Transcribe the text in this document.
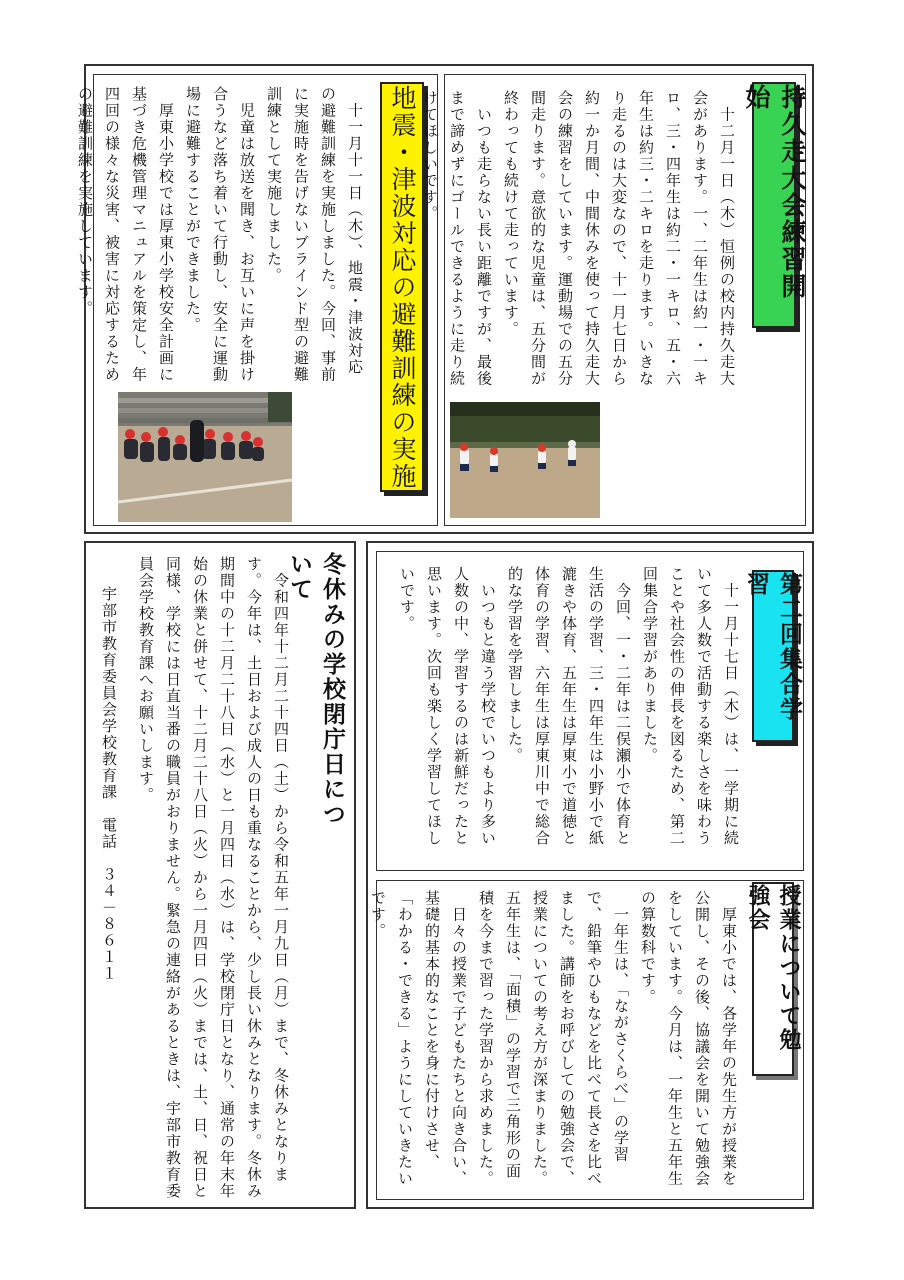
地震・津波対応の避難訓練の実施
　十一月十一日（木）、地震・津波対応の避難訓練を実施しました。今回、事前に実施時を告げないブラインド型の避難訓練として実施しました。
　児童は放送を聞き、お互いに声を掛け合うなど落ち着いて行動し、安全に運動場に避難することができました。
　厚東小学校では厚東小学校安全計画に基づき危機管理マニュアルを策定し、年四回の様々な災害、被害に対応するための避難訓練を実施しています。	持久走大会練習開始
　十二月一日（木）恒例の校内持久走大会があります。一、二年生は約一・一キロ、三・四年生は約二・一キロ、五・六年生は約三・二キロを走ります。いきなり走るのは大変なので、十一月七日から約一か月間、中間休みを使って持久走大会の練習をしています。運動場での五分間走ります。意欲的な児童は、五分間が終わっても続けて走っています。
　いつも走らない長い距離ですが、最後まで諦めずにゴールできるように走り続けてほしいです。
第二回集合学習
　十一月十七日（木）は、一学期に続いて多人数で活動する楽しさを味わうことや社会性の伸長を図るため、第二回集合学習がありました。
　今回、一・二年は二俣瀬小で体育と生活の学習、三・四年生は小野小で紙漉きや体育、五年生は厚東小で道徳と体育の学習、六年生は厚東川中で総合的な学習を学習しました。
　いつもと違う学校でいつもより多い人数の中、学習するのは新鮮だったと思います。次回も楽しく学習してほしいです。
授業について勉強会
　厚東小では、各学年の先生方が授業を公開し、その後、協議会を開いて勉強会をしています。今月は、一年生と五年生の算数科です。
　一年生は、「ながさくらべ」の学習で、鉛筆やひもなどを比べて長さを比べました。講師をお呼びしての勉強会で、授業についての考え方が深まりました。五年生は、「面積」の学習で三角形の面積を今まで習った学習から求めました。
　日々の授業で子どもたちと向き合い、基礎的基本的なことを身に付けさせ、「わかる・できる」ようにしていきたいです。
冬休みの学校閉庁日について
　令和四年十二月二十四日（土）から令和五年一月九日（月）まで、冬休みとなります。今年は、土日および成人の日も重なることから、少し長い休みとなります。冬休み期間中の十二月二十八日（水）と一月四日（水）は、学校閉庁日となり、通常の年末年始の休業と併せて、十二月二十八日（火）から一月四日（火）までは、土、日、祝日と同様、学校には日直当番の職員がおりません。緊急の連絡があるときは、宇部市教育委員会学校教育課へお願いします。
宇部市教育委員会学校教育課　電話　３４－８６１１
